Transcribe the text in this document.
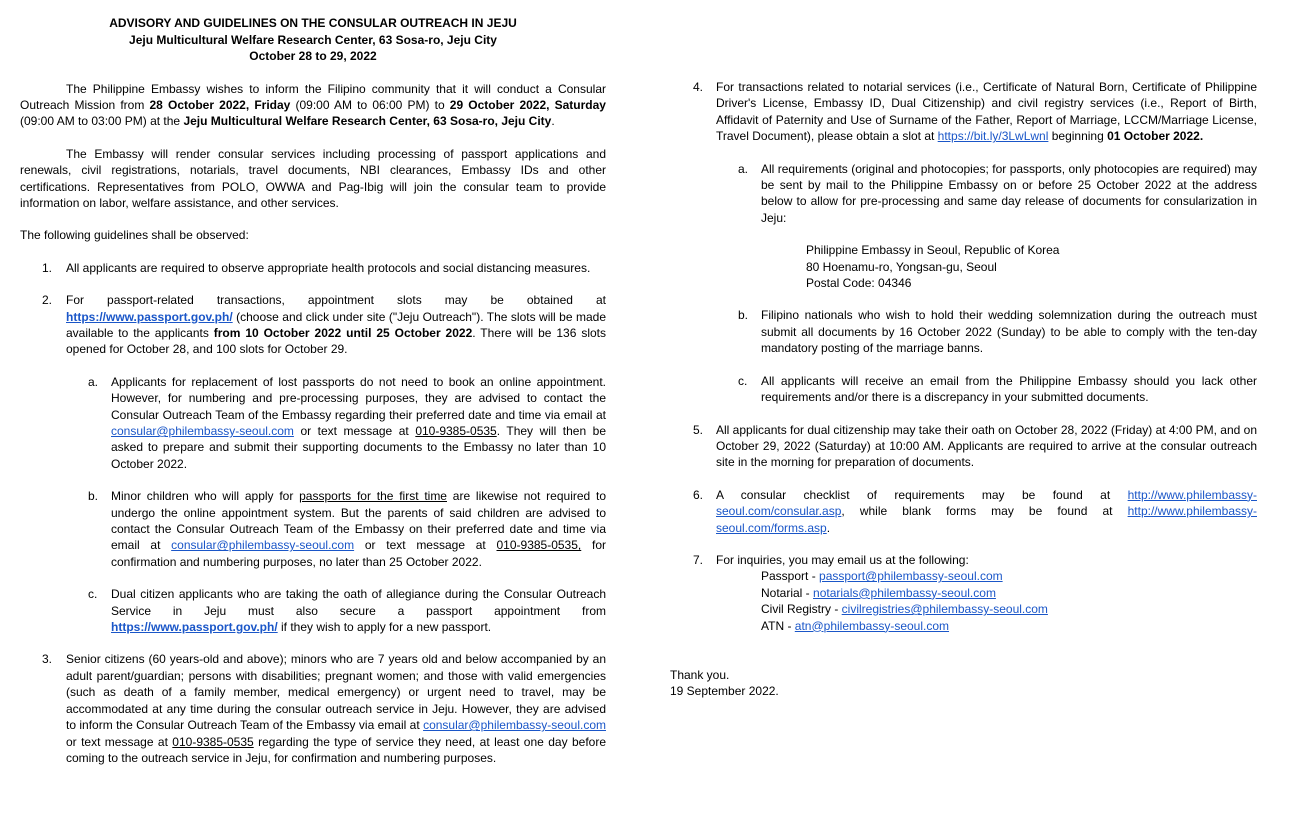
ADVISORY AND GUIDELINES ON THE CONSULAR OUTREACH IN JEJU
Jeju Multicultural Welfare Research Center, 63 Sosa-ro, Jeju City
October 28 to 29, 2022

The Philippine Embassy wishes to inform the Filipino community that it will conduct a Consular Outreach Mission from 28 October 2022, Friday (09:00 AM to 06:00 PM) to 29 October 2022, Saturday (09:00 AM to 03:00 PM) at the Jeju Multicultural Welfare Research Center, 63 Sosa-ro, Jeju City.

The Embassy will render consular services including processing of passport applications and renewals, civil registrations, notarials, travel documents, NBI clearances, Embassy IDs and other certifications. Representatives from POLO, OWWA and Pag-Ibig will join the consular team to provide information on labor, welfare assistance, and other services.

The following guidelines shall be observed:

1. All applicants are required to observe appropriate health protocols and social distancing measures.
2. For passport-related transactions, appointment slots may be obtained at https://www.passport.gov.ph/ (choose and click under site ("Jeju Outreach"). The slots will be made available to the applicants from 10 October 2022 until 25 October 2022. There will be 136 slots opened for October 28, and 100 slots for October 29.
a. Applicants for replacement of lost passports do not need to book an online appointment. However, for numbering and pre-processing purposes, they are advised to contact the Consular Outreach Team of the Embassy regarding their preferred date and time via email at consular@philembassy-seoul.com or text message at 010-9385-0535. They will then be asked to prepare and submit their supporting documents to the Embassy no later than 10 October 2022.
b. Minor children who will apply for passports for the first time are likewise not required to undergo the online appointment system. But the parents of said children are advised to contact the Consular Outreach Team of the Embassy on their preferred date and time via email at consular@philembassy-seoul.com or text message at 010-9385-0535, for confirmation and numbering purposes, no later than 25 October 2022.
c. Dual citizen applicants who are taking the oath of allegiance during the Consular Outreach Service in Jeju must also secure a passport appointment from https://www.passport.gov.ph/ if they wish to apply for a new passport.
3. Senior citizens (60 years-old and above); minors who are 7 years old and below accompanied by an adult parent/guardian; persons with disabilities; pregnant women; and those with valid emergencies (such as death of a family member, medical emergency) or urgent need to travel, may be accommodated at any time during the consular outreach service in Jeju. However, they are advised to inform the Consular Outreach Team of the Embassy via email at consular@philembassy-seoul.com or text message at 010-9385-0535 regarding the type of service they need, at least one day before coming to the outreach service in Jeju, for confirmation and numbering purposes.
4. For transactions related to notarial services (i.e., Certificate of Natural Born, Certificate of Philippine Driver's License, Embassy ID, Dual Citizenship) and civil registry services (i.e., Report of Birth, Affidavit of Paternity and Use of Surname of the Father, Report of Marriage, LCCM/Marriage License, Travel Document), please obtain a slot at https://bit.ly/3LwLwnl beginning 01 October 2022.
a. All requirements (original and photocopies; for passports, only photocopies are required) may be sent by mail to the Philippine Embassy on or before 25 October 2022 at the address below to allow for pre-processing and same day release of documents for consularization in Jeju:
Philippine Embassy in Seoul, Republic of Korea
80 Hoenamu-ro, Yongsan-gu, Seoul
Postal Code: 04346
b. Filipino nationals who wish to hold their wedding solemnization during the outreach must submit all documents by 16 October 2022 (Sunday) to be able to comply with the ten-day mandatory posting of the marriage banns.
c. All applicants will receive an email from the Philippine Embassy should you lack other requirements and/or there is a discrepancy in your submitted documents.
5. All applicants for dual citizenship may take their oath on October 28, 2022 (Friday) at 4:00 PM, and on October 29, 2022 (Saturday) at 10:00 AM. Applicants are required to arrive at the consular outreach site in the morning for preparation of documents.
6. A consular checklist of requirements may be found at http://www.philembassy-seoul.com/consular.asp, while blank forms may be found at http://www.philembassy-seoul.com/forms.asp.
7. For inquiries, you may email us at the following:
Passport - passport@philembassy-seoul.com
Notarial - notarials@philembassy-seoul.com
Civil Registry - civilregistries@philembassy-seoul.com
ATN - atn@philembassy-seoul.com
Thank you.
19 September 2022.
